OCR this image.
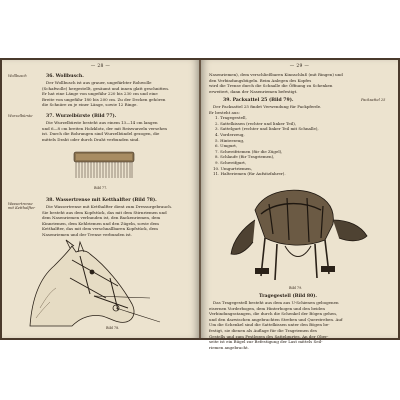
— 28 —
Wollbusch
Wurzelbürste
Wassertrense mit Ketthalfter
36. Wollbusch.
Der Wollbusch ist aus grauer, ungefärbter Rohwolle
(Schafwolle) hergestellt, gesäumt und innen glatt geschnitten.
Er hat eine Länge von ungefähr 220 bis 230 cm und eine
Breite von ungefähr 180 bis 200 cm. Zu der Decken gehören
die Schnüre zu je einer Länge, sowie 12 Ringe.
37. Wurzelbürste (Bild 77).
Die Wurzelbürste besteht aus einem 13—14 cm langen
und 6—8 cm breiten Holzklotz, der mit Reiswurzeln versehen
ist. Durch die Bohrungen sind Wurzelbündel gezogen, die
mittels Draht oder durch Draht verbunden sind.
Bild 77.
38. Wassertrense mit Ketthalfter (Bild 78).
Die Wassertrense mit Ketthalfter dient zum Dressurgebrauch.
Sie besteht aus dem Kopfstück, das mit dem Stirnriemen und
dem Nasenriemen verbunden ist, den Backenriemen, dem
Kinnriemen, dem Kehlriemen und den Zügeln, sowie dem
Ketthalfter, das mit dem verschnallbaren Kopfstück, dem
Nasenriemen und der Trense verbunden ist.
Bild 78.
— 29 —
Packsattel 25
Nasenriemen), dem verschließbaren Kinnschluß (mit Ringen) und
den Verbindungsbügeln. Beim Anlegen des Kopfes
wird die Trense durch die Schnalle die Öffnung zu Schenken
erweitert, dann der Nasenriemen befestigt.
39. Packsattel 25 (Bild 79).
Der Packsattel 25 findet Verwendung für Packpferde.
Er besteht aus:
1. Tragegestell,
2. Sattelkissen (rechter und linker Teil),
3. Sattelgurt (rechter und linker Teil mit Schnalle),
4. Vorderzeug,
5. Hinterzeug,
6. Umgurt,
7. Schweifriemen (für die Zügel),
8. Schlaufe (für Tragriemen),
9. Schweifgurt,
10. Umgurtriemen,
11. Halteriemen (für Aufsitzfahrer).
Bild 79.
Tragegestell (Bild 80).
Das Tragegestell besteht aus dem aus U-Schienen gebogenen
eisernen Vorderbogen, dem Hinterbogen und den beiden
Verbindungsstangen, die durch die Schenkel der Bögen gehen,
und den dazwischen angebrachten Streben und Querstreben. Auf
Um die Schenkel sind die Sattelkissen unter den Bögen be-
festigt, sie dienen als Auflage für die Tragriemen des
Gestells und zum Festlegen des Sattelgurtes. An der Ober-
seite ist ein Bügel zur Befestigung der Last mittels Seil-
riemen angebracht.
